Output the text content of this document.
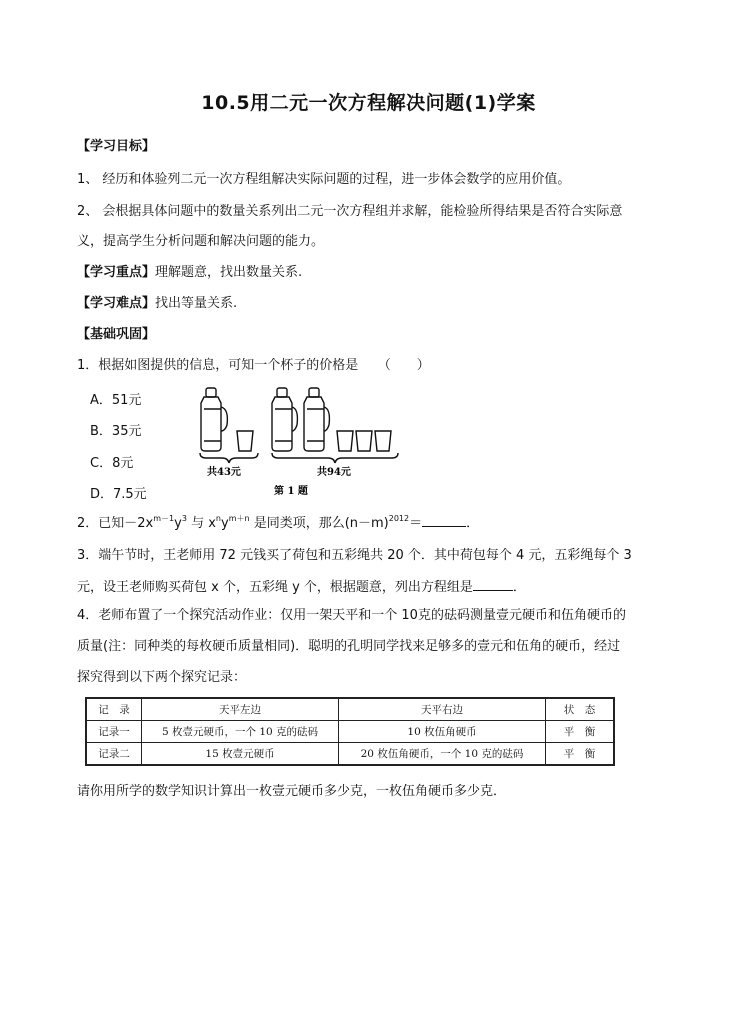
10.5用二元一次方程解决问题(1)学案
【学习目标】
1、 经历和体验列二元一次方程组解决实际问题的过程，进一步体会数学的应用价值。
2、 会根据具体问题中的数量关系列出二元一次方程组并求解，能检验所得结果是否符合实际意
义，提高学生分析问题和解决问题的能力。
【学习重点】理解题意，找出数量关系.
【学习难点】找出等量关系.
【基础巩固】
1．根据如图提供的信息，可知一个杯子的价格是　　（　　）
A．51元
B．35元
C．8元
D．7.5元
共43元	共94元
第 1 题
2．已知$-2x^{m-1}y^3$ 与 $x^ny^{m+n}$ 是同类项，那么$(n-m)^{2012}=$	．
3．端午节时，王老师用 72 元钱买了荷包和五彩绳共 20 个．其中荷包每个 4 元，五彩绳每个 3
元，设王老师购买荷包 x 个，五彩绳 y 个，根据题意，列出方程组是	．
4．老师布置了一个探究活动作业：仅用一架天平和一个 10克的砝码测量壹元硬币和伍角硬币的
质量(注：同种类的每枚硬币质量相同)．聪明的孔明同学找来足够多的壹元和伍角的硬币，经过
探究得到以下两个探究记录：
记　录	天平左边	天平右边	状　态
记录一	5 枚壹元硬币，一个 10 克的砝码	10 枚伍角硬币	平　衡
记录二	15 枚壹元硬币	20 枚伍角硬币，一个 10 克的砝码	平　衡
请你用所学的数学知识计算出一枚壹元硬币多少克，一枚伍角硬币多少克．
